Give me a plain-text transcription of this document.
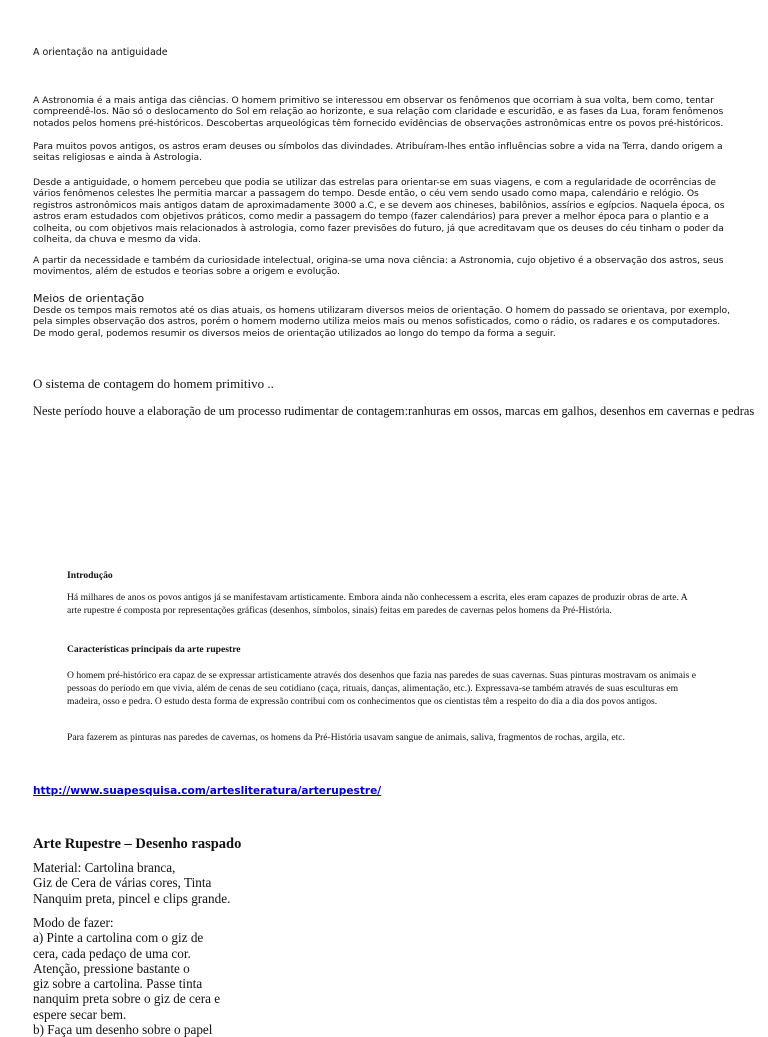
A orientação na antiguidade

A Astronomia é a mais antiga das ciências. O homem primitivo se interessou em observar os fenômenos que ocorriam à sua volta, bem como, tentar compreendê-los. Não só o deslocamento do Sol em relação ao horizonte, e sua relação com claridade e escuridão, e as fases da Lua, foram fenômenos notados pelos homens pré-históricos. Descobertas arqueológicas têm fornecido evidências de observações astronômicas entre os povos pré-históricos.

Para muitos povos antigos, os astros eram deuses ou símbolos das divindades. Atribuíram-lhes então influências sobre a vida na Terra, dando origem a seitas religiosas e ainda à Astrologia.

Desde a antiguidade, o homem percebeu que podia se utilizar das estrelas para orientar-se em suas viagens, e com a regularidade de ocorrências de vários fenômenos celestes lhe permitia marcar a passagem do tempo. Desde então, o céu vem sendo usado como mapa, calendário e relógio. Os registros astronômicos mais antigos datam de aproximadamente 3000 a.C, e se devem aos chineses, babilônios, assírios e egípcios. Naquela época, os astros eram estudados com objetivos práticos, como medir a passagem do tempo (fazer calendários) para prever a melhor época para o plantio e a colheita, ou com objetivos mais relacionados à astrologia, como fazer previsões do futuro, já que acreditavam que os deuses do céu tinham o poder da colheita, da chuva e mesmo da vida.

A partir da necessidade e também da curiosidade intelectual, origina-se uma nova ciência: a Astronomia, cujo objetivo é a observação dos astros, seus movimentos, além de estudos e teorias sobre a origem e evolução.

Meios de orientação

Desde os tempos mais remotos até os dias atuais, os homens utilizaram diversos meios de orientação. O homem do passado se orientava, por exemplo, pela simples observação dos astros, porém o homem moderno utiliza meios mais ou menos sofisticados, como o rádio, os radares e os computadores. De modo geral, podemos resumir os diversos meios de orientação utilizados ao longo do tempo da forma a seguir.

O sistema de contagem do homem primitivo ..

Neste período houve a elaboração de um processo rudimentar de contagem:ranhuras em ossos, marcas em galhos, desenhos em cavernas e pedras

Introdução

Há milhares de anos os povos antigos já se manifestavam artisticamente. Embora ainda não conhecessem a escrita, eles eram capazes de produzir obras de arte. A arte rupestre é composta por representações gráficas (desenhos, símbolos, sinais) feitas em paredes de cavernas pelos homens da Pré-História.

Características principais da arte rupestre

O homem pré-histórico era capaz de se expressar artisticamente através dos desenhos que fazia nas paredes de suas cavernas. Suas pinturas mostravam os animais e pessoas do período em que vivia, além de cenas de seu cotidiano (caça, rituais, danças, alimentação, etc.). Expressava-se também através de suas esculturas em madeira, osso e pedra. O estudo desta forma de expressão contribui com os conhecimentos que os cientistas têm a respeito do dia a dia dos povos antigos.

Para fazerem as pinturas nas paredes de cavernas, os homens da Pré-História usavam sangue de animais, saliva, fragmentos de rochas, argila, etc.

http://www.suapesquisa.com/artesliteratura/arterupestre/
Arte Rupestre – Desenho raspado
Material: Cartolina branca,
Giz de Cera de várias cores, Tinta
Nanquim preta, pincel e clips grande.
Modo de fazer:
a) Pinte a cartolina com o giz de
cera, cada pedaço de uma cor.
Atenção, pressione bastante o
giz sobre a cartolina. Passe tinta
nanquim preta sobre o giz de cera e
espere secar bem.
b) Faça um desenho sobre o papel
